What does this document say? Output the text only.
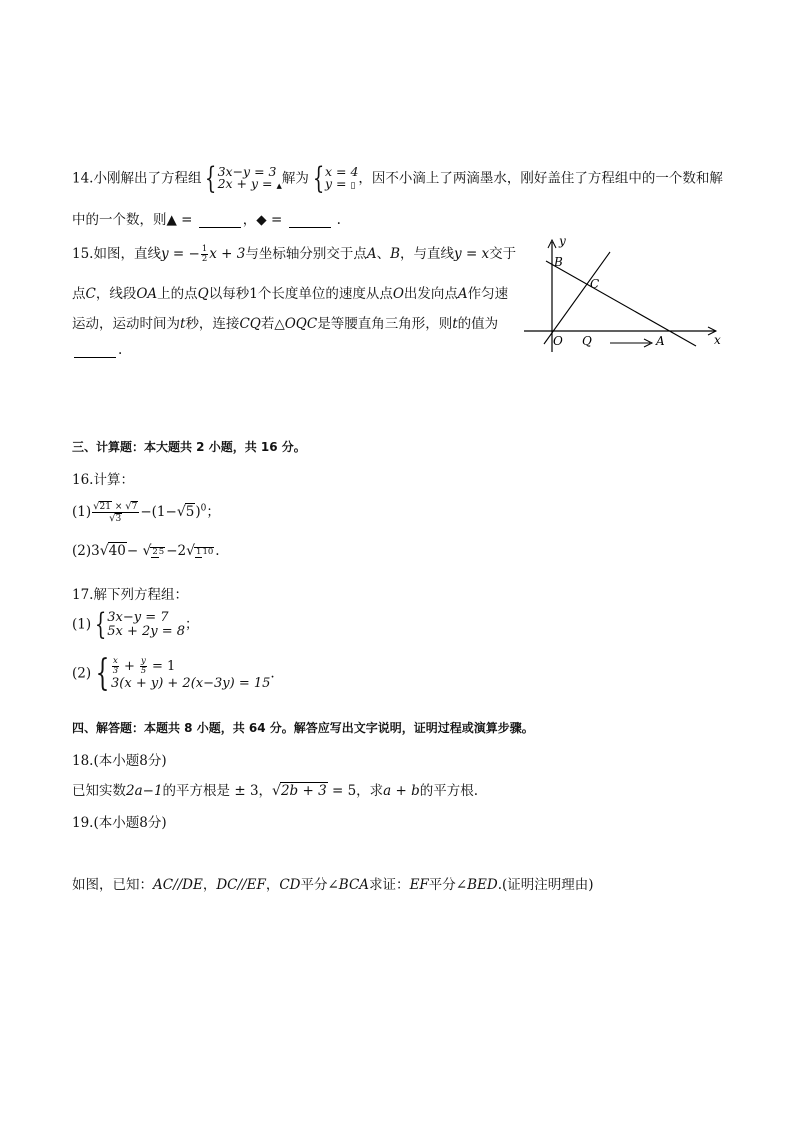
14.小刚解出了方程组 { 3x−y = 3
2x + y = ▲ 解为 { x = 4
y = ▯ ，因不小滴上了两滴墨水，刚好盖住了方程组中的一个数和解
中的一个数，则▲ =	，◆ =	.
15.如图，直线y = − $\frac{1}{2}$ x + 3与坐标轴分别交于点A、B，与直线y = x交于
点C，线段OA上的点Q以每秒1个长度单位的速度从点O出发向点A作匀速
运动，运动时间为t秒，连接CQ若△OQC是等腰直角三角形，则t的值为
.
y
B
C
O Q	A	x
三、计算题：本大题共 2 小题，共 16 分。
16.计算：
$(1) \frac{√21 \times √7}{√3} -(1-√5)^0$；
(2)3√40− √25 −2√110 .
17.解下列方程组：
(1) { 3x−y = 7
5x + 2y = 8 ；
(2) { $\frac{x}{3} + \frac{y}{5} = 1$
3(x + y) + 2(x−3y) = 15
.
四、解答题：本题共 8 小题，共 64 分。解答应写出文字说明，证明过程或演算步骤。
18.(本小题8分)
已知实数2a−1的平方根是 ± 3，√2b + 3 = 5，求a + b的平方根.
19.(本小题8分)
如图，已知：AC//DE，DC//EF，CD平分∠BCA求证：EF平分∠BED.(证明注明理由)
